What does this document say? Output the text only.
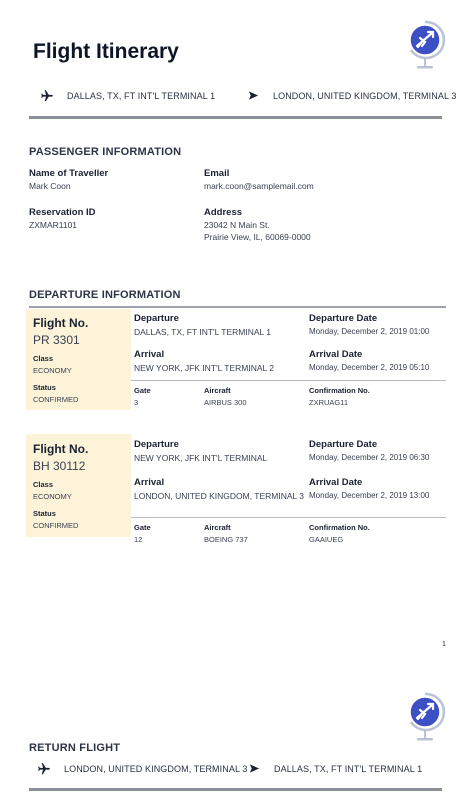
Flight Itinerary
DALLAS, TX, FT INT'L TERMINAL 1	LONDON, UNITED KINGDOM, TERMINAL 3
PASSENGER INFORMATION
Name of Traveller
Mark Coon
Email
mark.coon@samplemail.com
Reservation ID
ZXMAR1101
Address
23042 N Main St.
Prairie View, IL, 60069-0000
DEPARTURE INFORMATION
Flight No.
PR 3301
Class
ECONOMY
Status
CONFIRMED
Departure
DALLAS, TX, FT INT'L TERMINAL 1
Departure Date
Monday, December 2, 2019 01:00
Arrival
NEW YORK, JFK INT'L TERMINAL 2
Arrival Date
Monday, December 2, 2019 05:10
Gate
3
Aircraft
AIRBUS 300
Confirmation No.
ZXRUAG11
Flight No.
BH 30112
Class
ECONOMY
Status
CONFIRMED
Departure
NEW YORK, JFK INT'L TERMINAL
Departure Date
Monday, December 2, 2019 06:30
Arrival
LONDON, UNITED KINGDOM, TERMINAL 3
Arrival Date
Monday, December 2, 2019 13:00
Gate
12
Aircraft
BOEING 737
Confirmation No.
GAAIUEG
1
RETURN FLIGHT
LONDON, UNITED KINGDOM, TERMINAL 3	DALLAS, TX, FT INT'L TERMINAL 1
